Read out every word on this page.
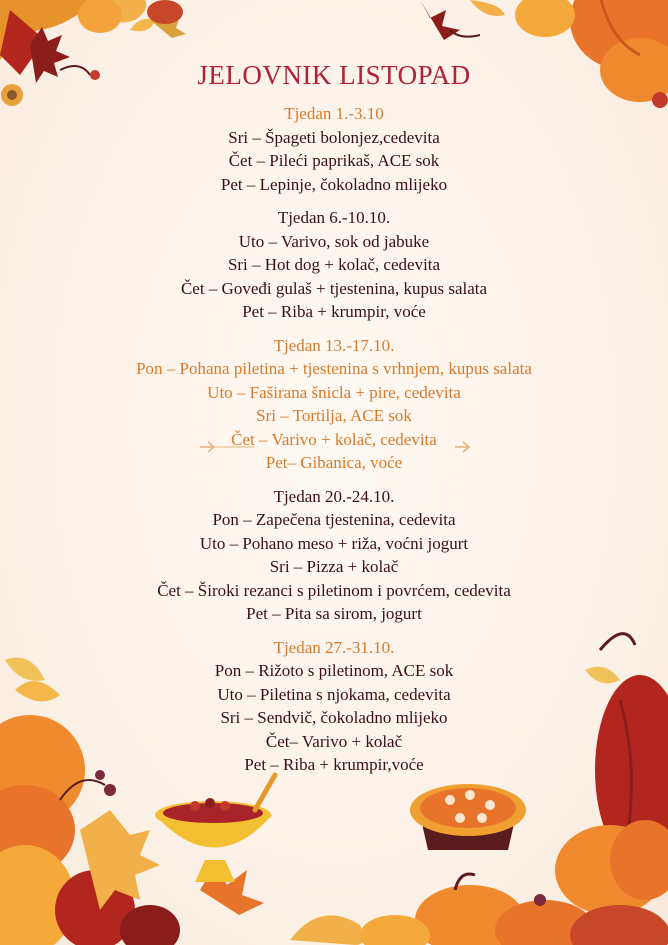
JELOVNIK LISTOPAD
Tjedan 1.-3.10
Sri – Špageti bolonjez,cedevita
Čet – Pileći paprikaš, ACE sok
Pet – Lepinje, čokoladno mlijeko
Tjedan 6.-10.10.
Uto – Varivo, sok od jabuke
Sri – Hot dog + kolač, cedevita
Čet – Goveđi gulaš + tjestenina, kupus salata
Pet – Riba + krumpir, voće
Tjedan 13.-17.10.
Pon – Pohana piletina + tjestenina s vrhnjem, kupus salata
Uto – Faširana šnicla + pire, cedevita
Sri – Tortilja, ACE sok
Čet – Varivo + kolač, cedevita
Pet– Gibanica, voće
Tjedan 20.-24.10.
Pon – Zapečena tjestenina, cedevita
Uto – Pohano meso + riža, voćni jogurt
Sri – Pizza + kolač
Čet – Široki rezanci s piletinom i povrćem, cedevita
Pet – Pita sa sirom, jogurt
Tjedan 27.-31.10.
Pon – Rižoto s piletinom, ACE sok
Uto – Piletina s njokama, cedevita
Sri – Sendvič, čokoladno mlijeko
Čet– Varivo + kolač
Pet – Riba + krumpir,voće
